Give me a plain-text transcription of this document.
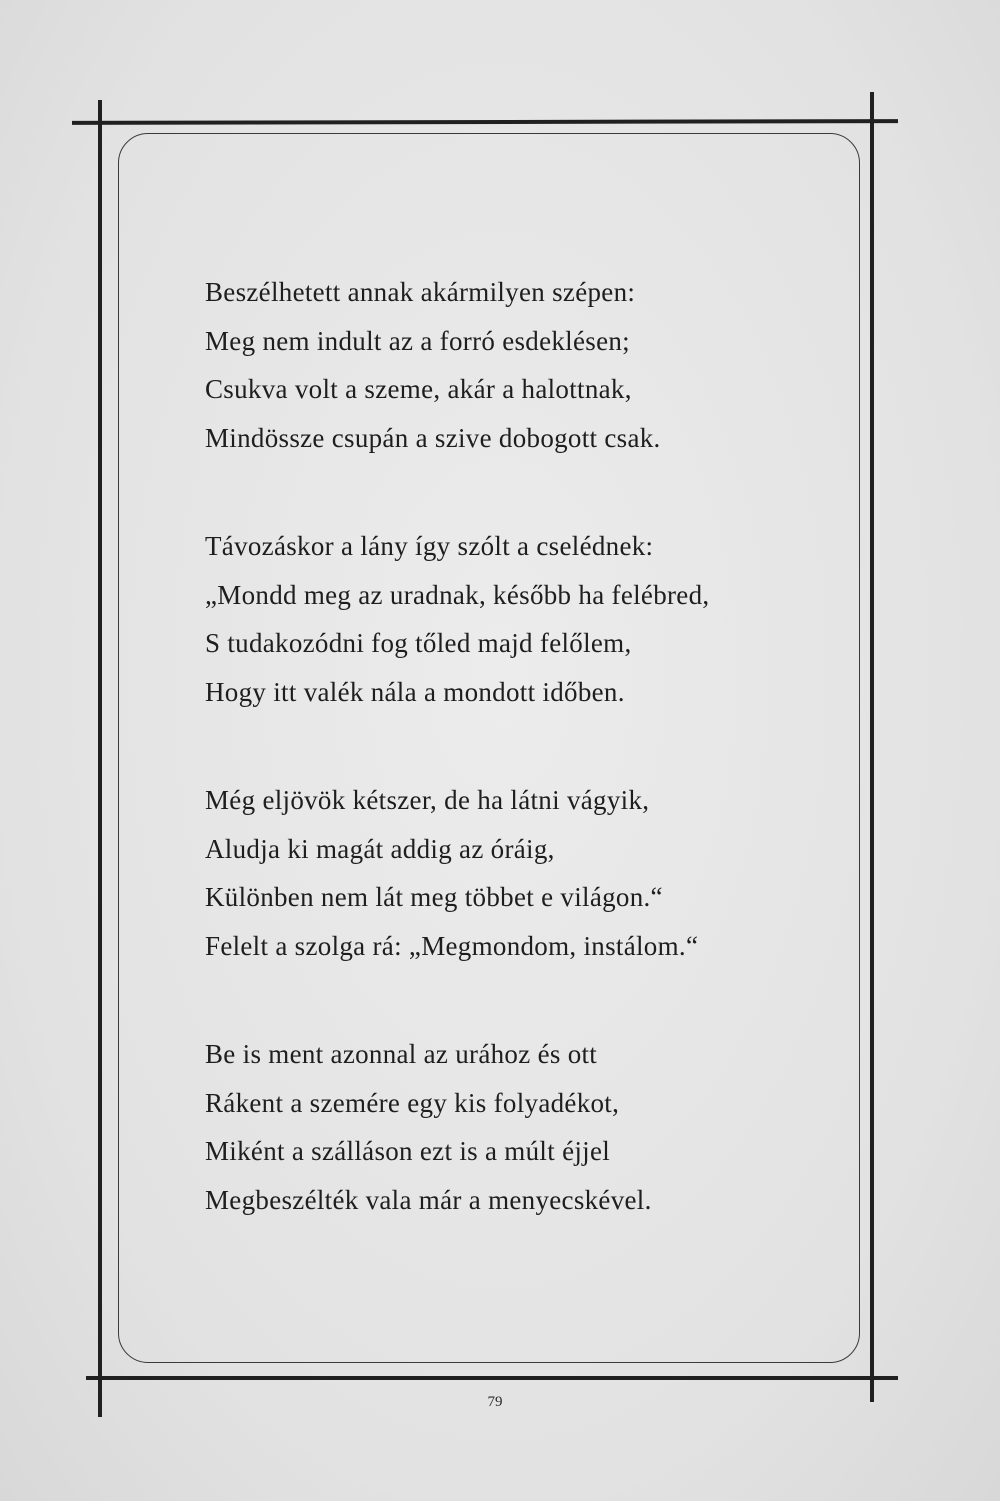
Beszélhetett annak akármilyen szépen:
Meg nem indult az a forró esdeklésen;
Csukva volt a szeme, akár a halottnak,
Mindössze csupán a szive dobogott csak.

Távozáskor a lány így szólt a cselédnek:
„Mondd meg az uradnak, később ha felébred,
S tudakozódni fog tőled majd felőlem,
Hogy itt valék nála a mondott időben.

Még eljövök kétszer, de ha látni vágyik,
Aludja ki magát addig az óráig,
Különben nem lát meg többet e világon.“
Felelt a szolga rá: „Megmondom, instálom.“

Be is ment azonnal az urához és ott
Rákent a szemére egy kis folyadékot,
Miként a szálláson ezt is a múlt éjjel
Megbeszélték vala már a menyecskével.

79
